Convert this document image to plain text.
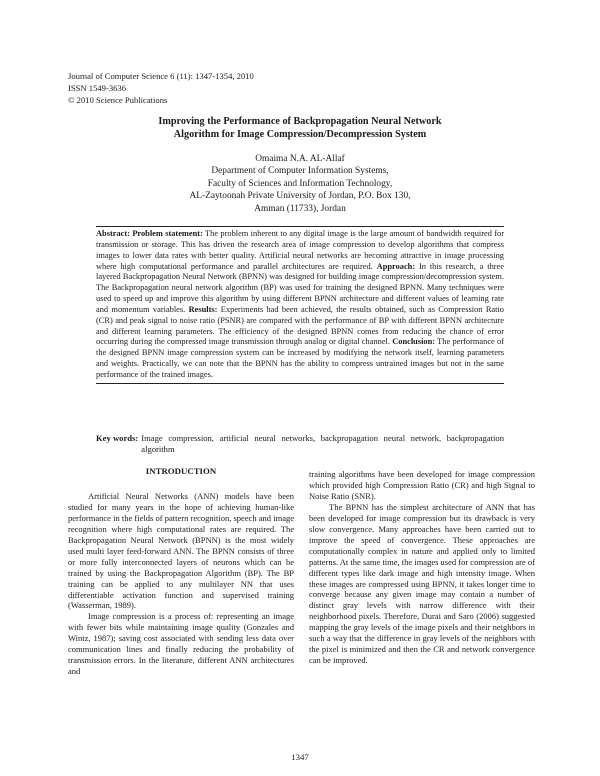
Journal of Computer Science 6 (11): 1347-1354, 2010
ISSN 1549-3636
© 2010 Science Publications
Improving the Performance of Backpropagation Neural Network
Algorithm for Image Compression/Decompression System
Omaima N.A. AL-Allaf
Department of Computer Information Systems,
Faculty of Sciences and Information Technology,
AL-Zaytoonah Private University of Jordan, P.O. Box 130,
Amman (11733), Jordan
Abstract: Problem statement: The problem inherent to any digital image is the large amount of bandwidth required for transmission or storage. This has driven the research area of image compression to develop algorithms that compress images to lower data rates with better quality. Artificial neural networks are becoming attractive in image processing where high computational performance and parallel architectures are required. Approach: In this research, a three layered Backpropagation Neural Network (BPNN) was designed for building image compression/decompression system. The Backpropagation neural network algorithm (BP) was used for training the designed BPNN. Many techniques were used to speed up and improve this algorithm by using different BPNN architecture and different values of learning rate and momentum variables. Results: Experiments had been achieved, the results obtained, such as Compression Ratio (CR) and peak signal to noise ratio (PSNR) are compared with the performance of BP with different BPNN architecture and different learning parameters. The efficiency of the designed BPNN comes from reducing the chance of error occurring during the compressed image transmission through analog or digital channel. Conclusion: The performance of the designed BPNN image compression system can be increased by modifying the network itself, learning parameters and weights. Practically, we can note that the BPNN has the ability to compress untrained images but not in the same performance of the trained images.
Key words: Image compression, artificial neural networks, backpropagation neural network, backpropagation algorithm
INTRODUCTION

Artificial Neural Networks (ANN) models have been studied for many years in the hope of achieving human-like performance in the fields of pattern recognition, speech and image recognition where high computational rates are required. The Backpropagation Neural Network (BPNN) is the most widely used multi layer feed-forward ANN. The BPNN consists of three or more fully interconnected layers of neurons which can be trained by using the Backpropagation Algorithm (BP). The BP training can be applied to any multilayer NN that uses differentiable activation function and supervised training (Wasserman, 1989).

Image compression is a process of: representing an image with fewer bits while maintaining image quality (Gonzales and Wintz, 1987); saving cost associated with sending less data over communication lines and finally reducing the probability of transmission errors. In the literature, different ANN architectures and

training algorithms have been developed for image compression which provided high Compression Ratio (CR) and high Signal to Noise Ratio (SNR).

The BPNN has the simplest architecture of ANN that has been developed for image compression but its drawback is very slow convergence. Many approaches have been carried out to improve the speed of convergence. These approaches are computationally complex in nature and applied only to limited patterns. At the same time, the images used for compression are of different types like dark image and high intensity image. When these images are compressed using BPNN, it takes longer time to converge because any given image may contain a number of distinct gray levels with narrow difference with their neighborhood pixels. Therefore, Durai and Saro (2006) suggested mapping the gray levels of the image pixels and their neighbors in such a way that the difference in gray levels of the neighbors with the pixel is minimized and then the CR and network convergence can be improved.

1347
